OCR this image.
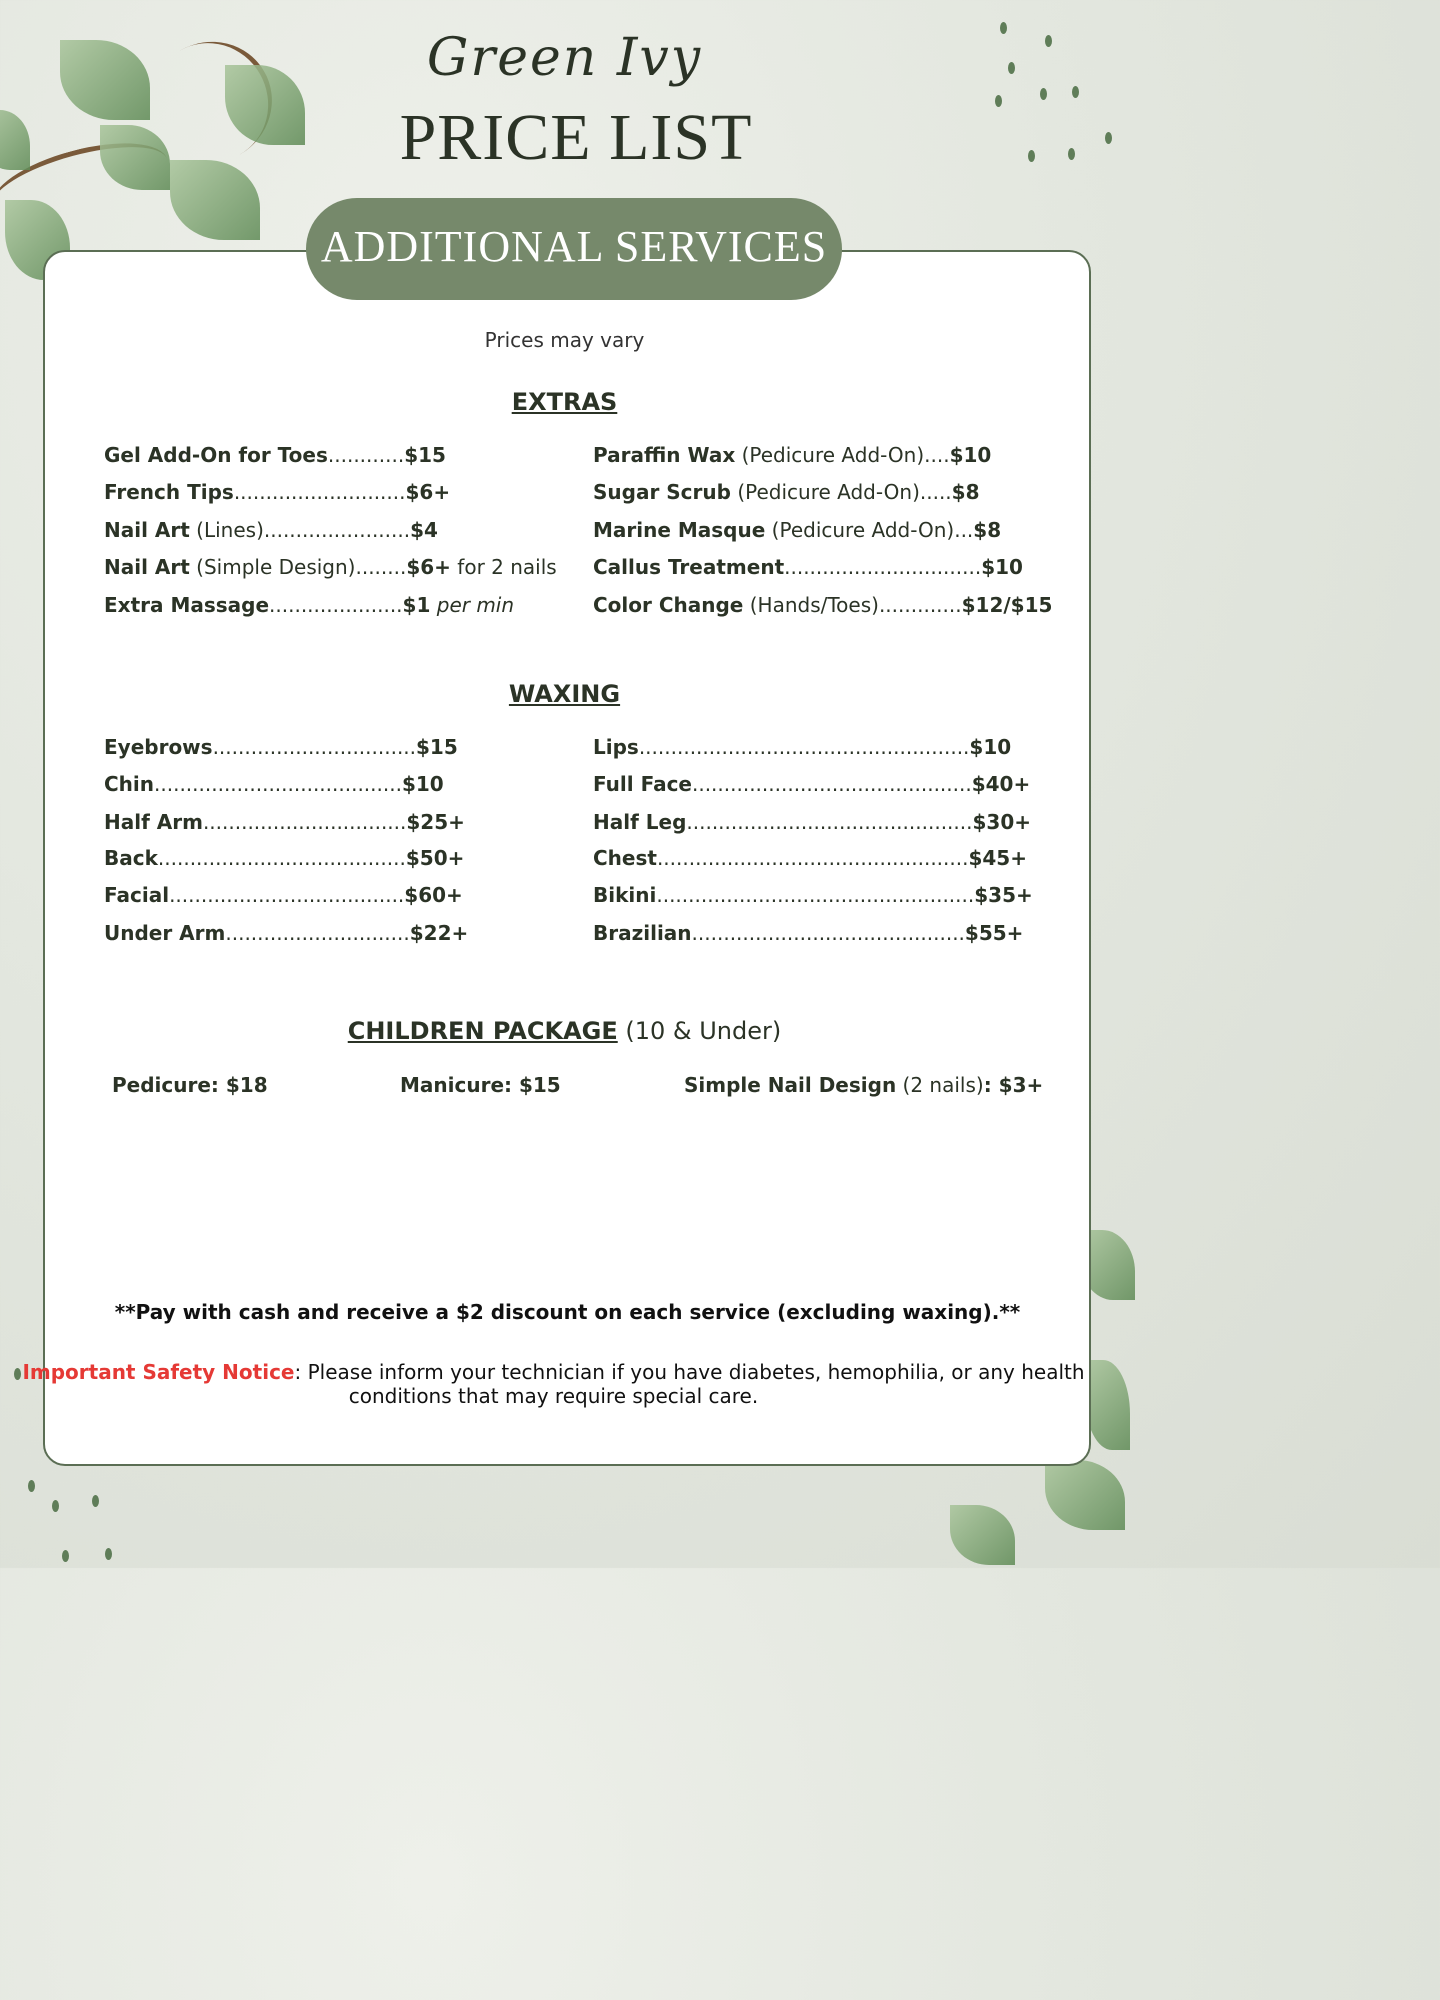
Green Ivy
PRICE LIST
ADDITIONAL SERVICES
Prices may vary
EXTRAS
Gel Add-On for Toes............$15
French Tips...........................$6+
Nail Art (Lines).......................$4
Nail Art (Simple Design)........$6+ for 2 nails
Extra Massage.....................$1 per min
Paraffin Wax (Pedicure Add-On)....$10
Sugar Scrub (Pedicure Add-On).....$8
Marine Masque (Pedicure Add-On)...$8
Callus Treatment...............................$10
Color Change (Hands/Toes).............$12/$15
WAXING
Eyebrows................................$15
Chin.......................................$10
Half Arm................................$25+
Back.......................................$50+
Facial.....................................$60+
Under Arm.............................$22+
Lips....................................................$10
Full Face............................................$40+
Half Leg.............................................$30+
Chest.................................................$45+
Bikini..................................................$35+
Brazilian...........................................$55+
CHILDREN PACKAGE (10 & Under)
Pedicure: $18	Manicure: $15	Simple Nail Design (2 nails): $3+
**Pay with cash and receive a $2 discount on each service (excluding waxing).**
Important Safety Notice: Please inform your technician if you have diabetes, hemophilia, or any health conditions that may require special care.
